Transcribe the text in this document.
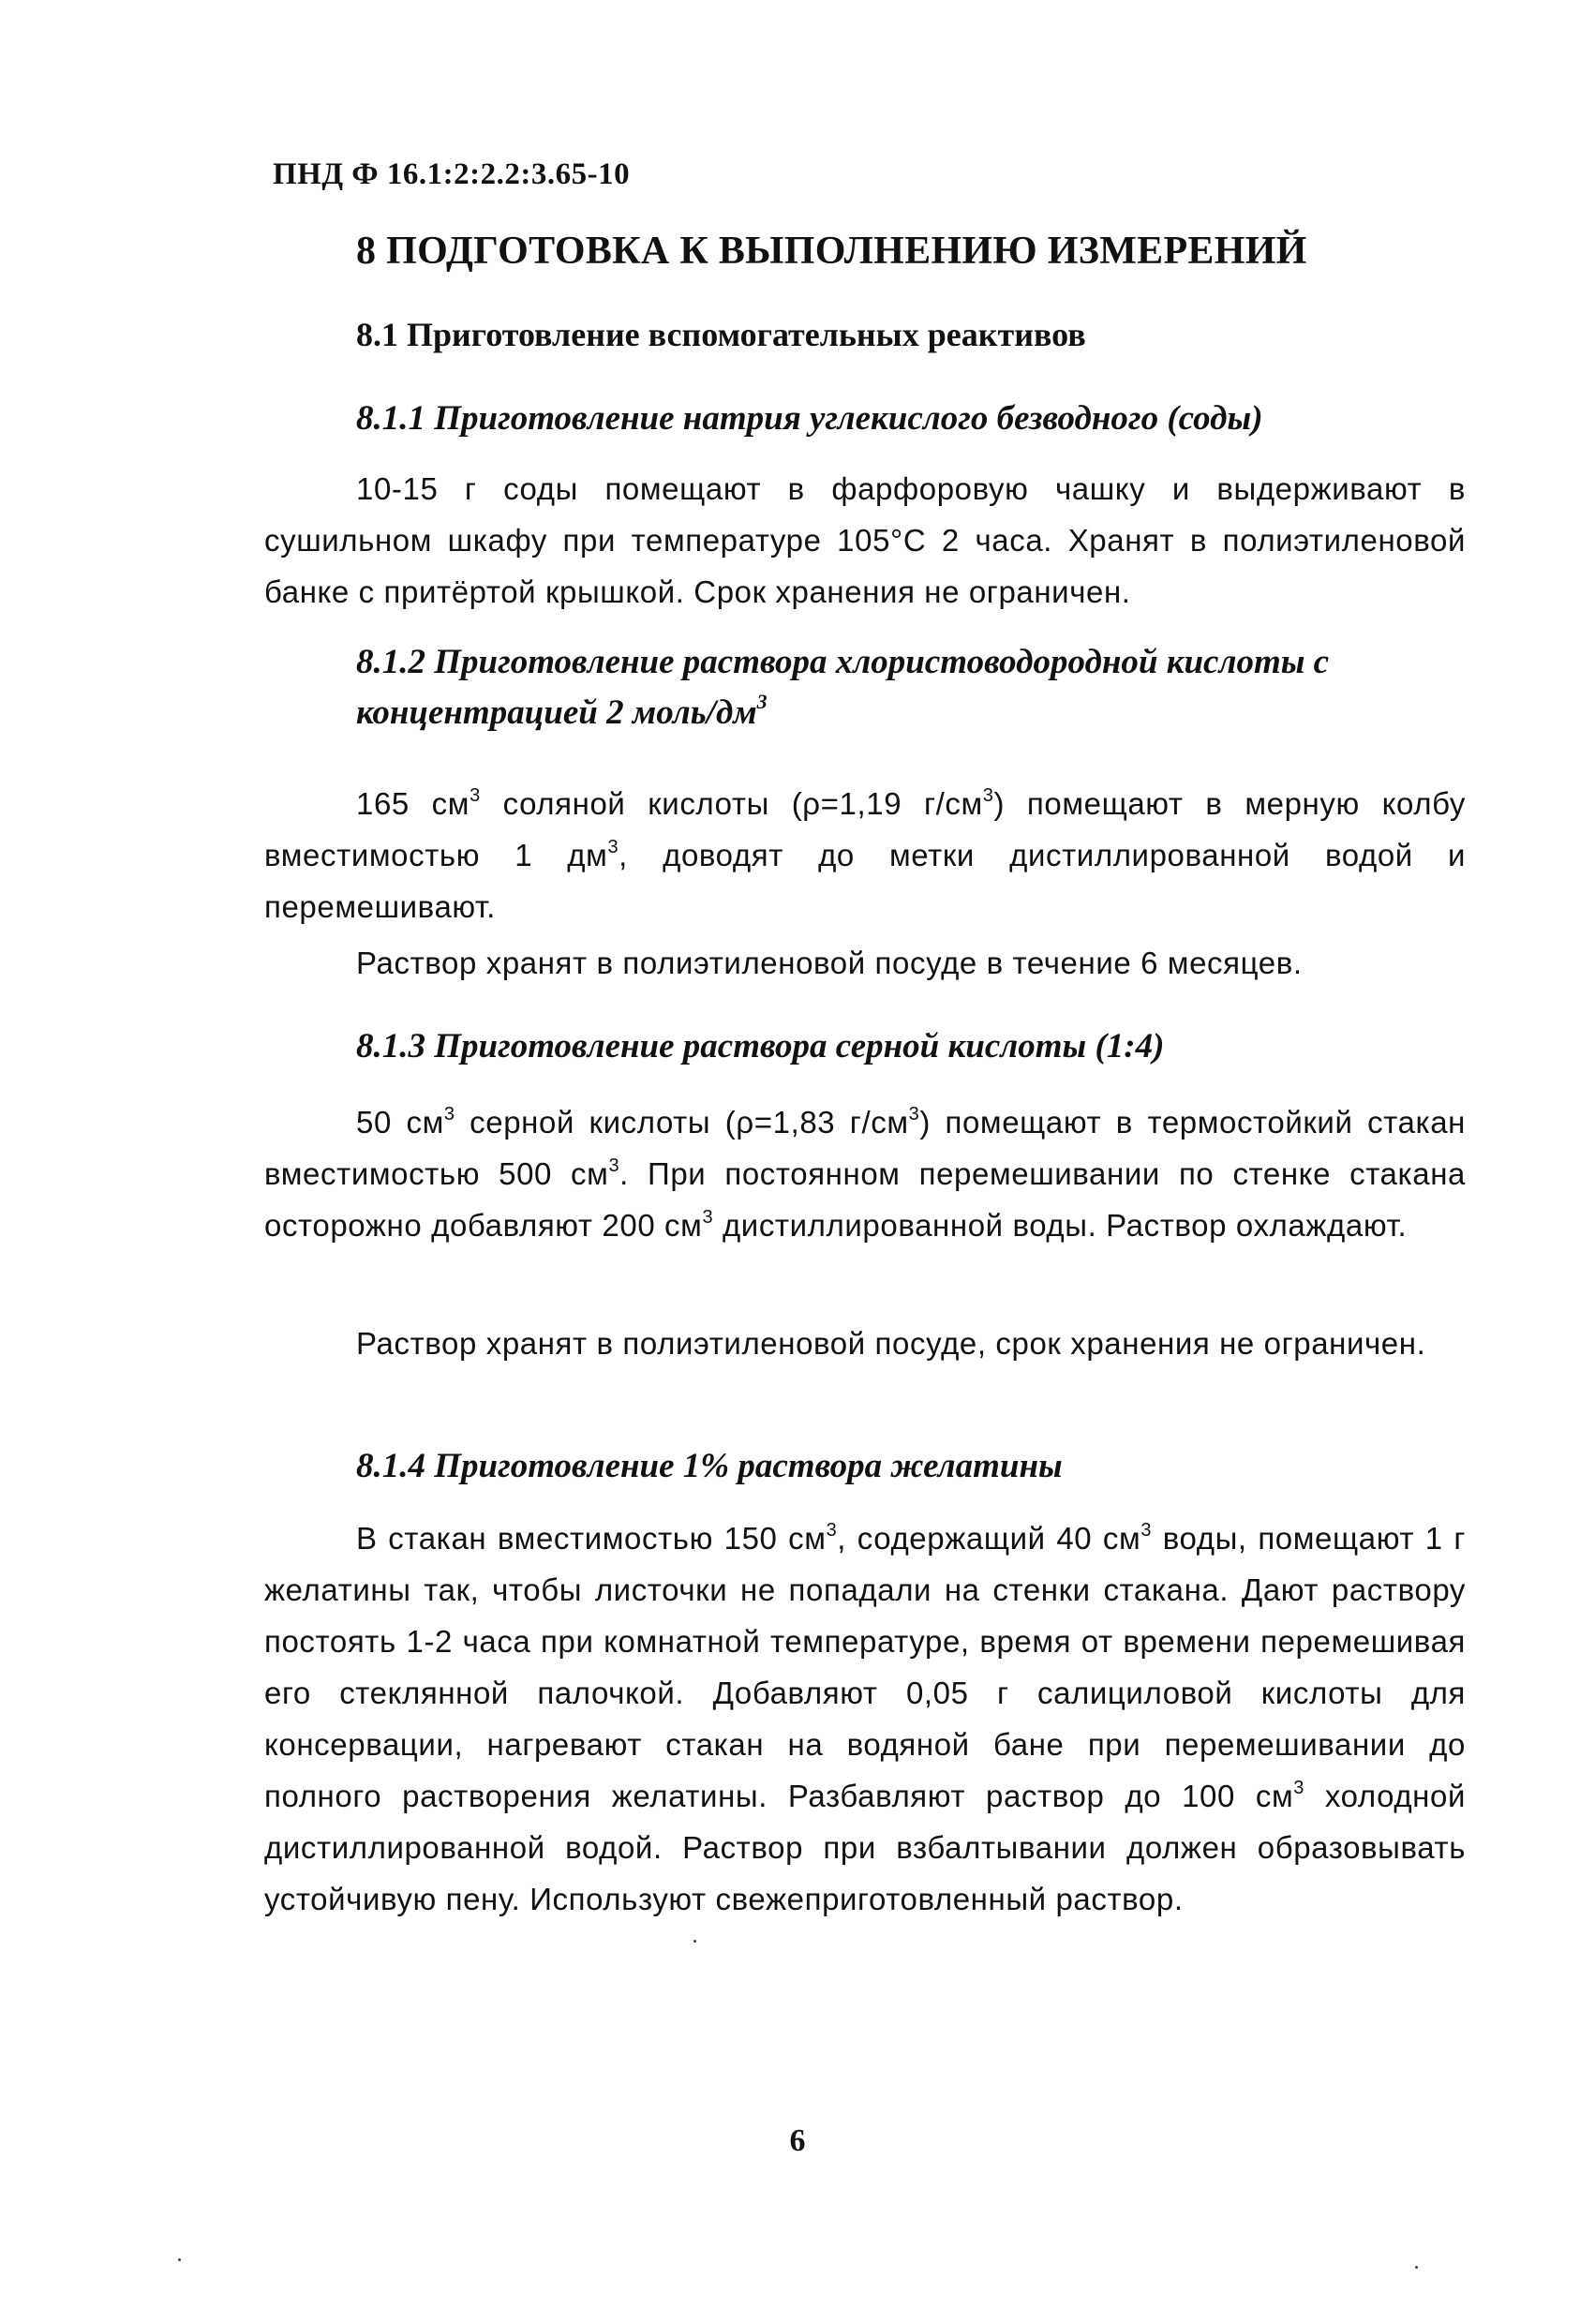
ПНД Ф 16.1:2:2.2:3.65-10
8 ПОДГОТОВКА К ВЫПОЛНЕНИЮ ИЗМЕРЕНИЙ
8.1 Приготовление вспомогательных реактивов
8.1.1 Приготовление натрия углекислого безводного (соды)
10-15 г соды помещают в фарфоровую чашку и выдерживают в сушильном шкафу при температуре 105°С 2 часа. Хранят в полиэтиленовой банке с притёртой крышкой. Срок хранения не ограничен.
8.1.2 Приготовление раствора хлористоводородной кислоты с
концентрацией 2 моль/$дм^3$
165 $см^3$ соляной кислоты (ρ=1,19 $г/см^3$) помещают в мерную колбу вместимостью 1 $дм^3$, доводят до метки дистиллированной водой и перемешивают.
Раствор хранят в полиэтиленовой посуде в течение 6 месяцев.
8.1.3 Приготовление раствора серной кислоты (1:4)
50 $см^3$ серной кислоты (ρ=1,83 $г/см^3$) помещают в термостойкий стакан вместимостью 500 $см^3$. При постоянном перемешивании по стенке стакана осторожно добавляют 200 $см^3$ дистиллированной воды. Раствор охлаждают.
Раствор хранят в полиэтиленовой посуде, срок хранения не ограничен.
8.1.4 Приготовление 1% раствора желатины
В стакан вместимостью 150 $см^3$, содержащий 40 $см^3$ воды, помещают 1 г желатины так, чтобы листочки не попадали на стенки стакана. Дают раствору постоять 1-2 часа при комнатной температуре, время от времени перемешивая его стеклянной палочкой. Добавляют 0,05 г салициловой кислоты для консервации, нагревают стакан на водяной бане при перемешивании до полного растворения желатины. Разбавляют раствор до 100 $см^3$ холодной дистиллированной водой. Раствор при взбалтывании должен образовывать устойчивую пену. Используют свежеприготовленный раствор.
6
